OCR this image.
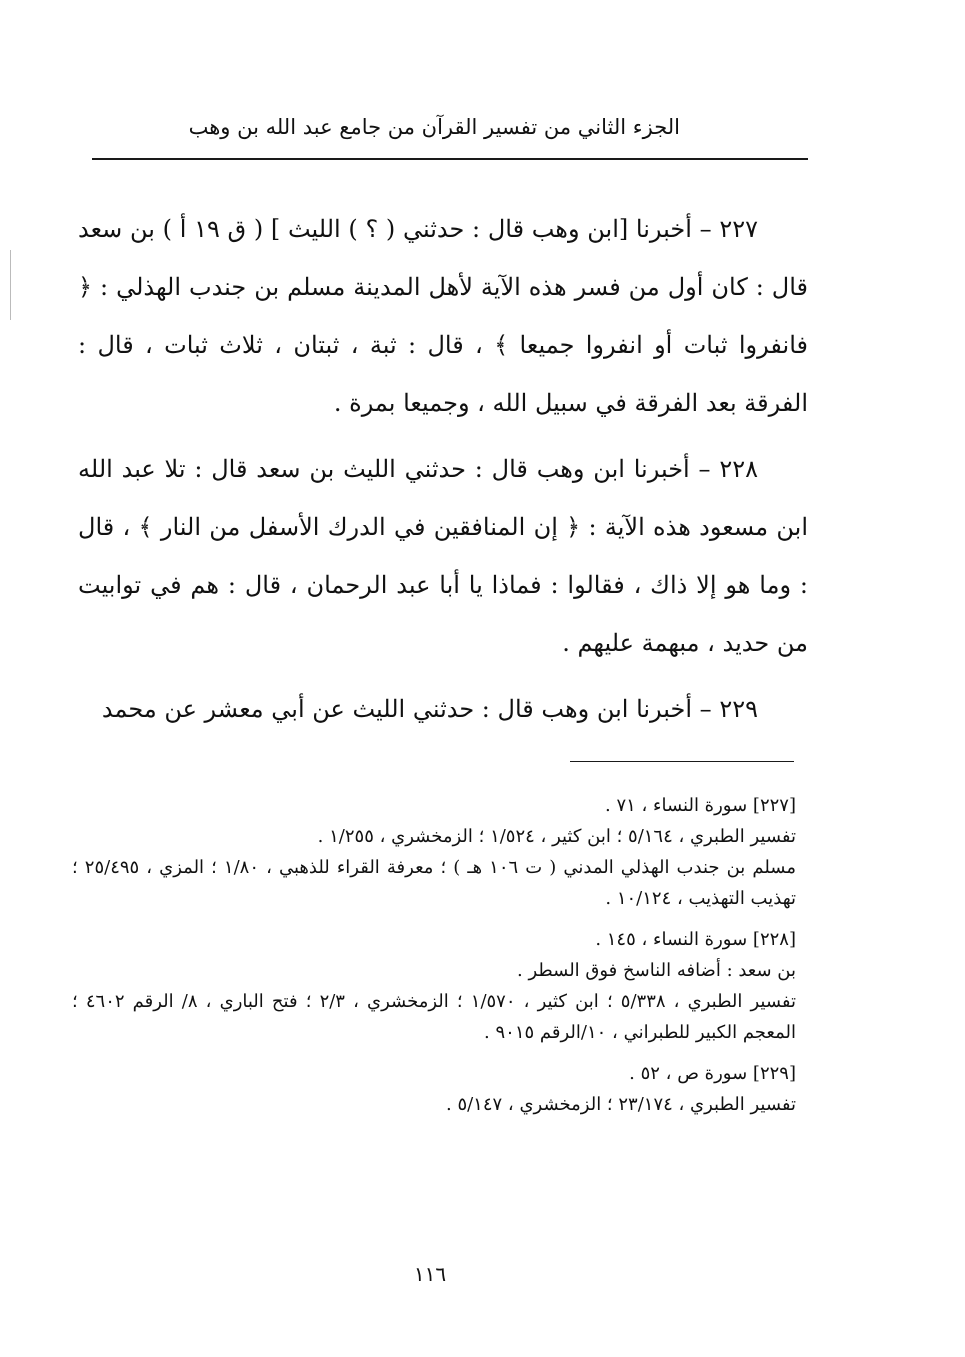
الجزء الثاني من تفسير القرآن من جامع عبد الله بن وهب

٢٢٧ – أخبرنا [ابن وهب قال : حدثني ( ؟ ) الليث ] ( ق ١٩ أ ) بن سعد قال : كان أول من فسر هذه الآية لأهل المدينة مسلم بن جندب الهذلي : ﴿ فانفروا ثبات أو انفروا جميعا ﴾ ، قال : ثبة ، ثبتان ، ثلاث ثبات ، قال : الفرقة بعد الفرقة في سبيل الله ، وجميعا بمرة .

٢٢٨ – أخبرنا ابن وهب قال : حدثني الليث بن سعد قال : تلا عبد الله ابن مسعود هذه الآية : ﴿ إن المنافقين في الدرك الأسفل من النار ﴾ ، قال : وما هو إلا ذاك ، فقالوا : فماذا يا أبا عبد الرحمان ، قال : هم في توابيت من حديد ، مبهمة عليهم .

٢٢٩ – أخبرنا ابن وهب قال : حدثني الليث عن أبي معشر عن محمد

[٢٢٧] سورة النساء ، ٧١ .
تفسير الطبري ، ٥/١٦٤ ؛ ابن كثير ، ١/٥٢٤ ؛ الزمخشري ، ١/٢٥٥ .
مسلم بن جندب الهذلي المدني ( ت ١٠٦ هـ ) ؛ معرفة القراء للذهبي ، ١/٨٠ ؛ المزي ، ٢٥/٤٩٥ ؛ تهذيب التهذيب ، ١٠/١٢٤ .
[٢٢٨] سورة النساء ، ١٤٥ .
بن سعد : أضافه الناسخ فوق السطر .
تفسير الطبري ، ٥/٣٣٨ ؛ ابن كثير ، ١/٥٧٠ ؛ الزمخشري ، ٢/٣ ؛ فتح الباري ، ٨/ الرقم ٤٦٠٢ ؛ المعجم الكبير للطبراني ، ١٠/الرقم ٩٠١٥ .
[٢٢٩] سورة ص ، ٥٢ .
تفسير الطبري ، ٢٣/١٧٤ ؛ الزمخشري ، ٥/١٤٧ .
١١٦
